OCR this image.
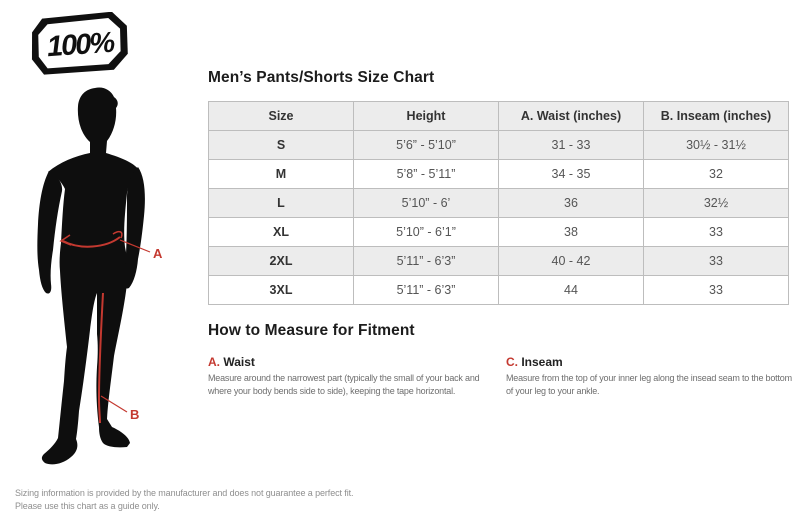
100%
A
B
Men’s Pants/Shorts Size Chart
Size	Height	A. Waist (inches)	B. Inseam (inches)
S	5’6” - 5’10”	31 - 33	30½ - 31½
M	5’8” - 5’11”	34 - 35	32
L	5’10” - 6’	36	32½
XL	5’10” - 6’1”	38	33
2XL	5’11” - 6’3”	40 - 42	33
3XL	5’11” - 6’3”	44	33
How to Measure for Fitment

A. Waist

Measure around the narrowest part (typically the small of your back and where your body bends side to side), keeping the tape horizontal.

C. Inseam

Measure from the top of your inner leg along the insead seam to the bottom of your leg to your ankle.

Sizing information is provided by the manufacturer and does not guarantee a perfect fit.
Please use this chart as a guide only.
